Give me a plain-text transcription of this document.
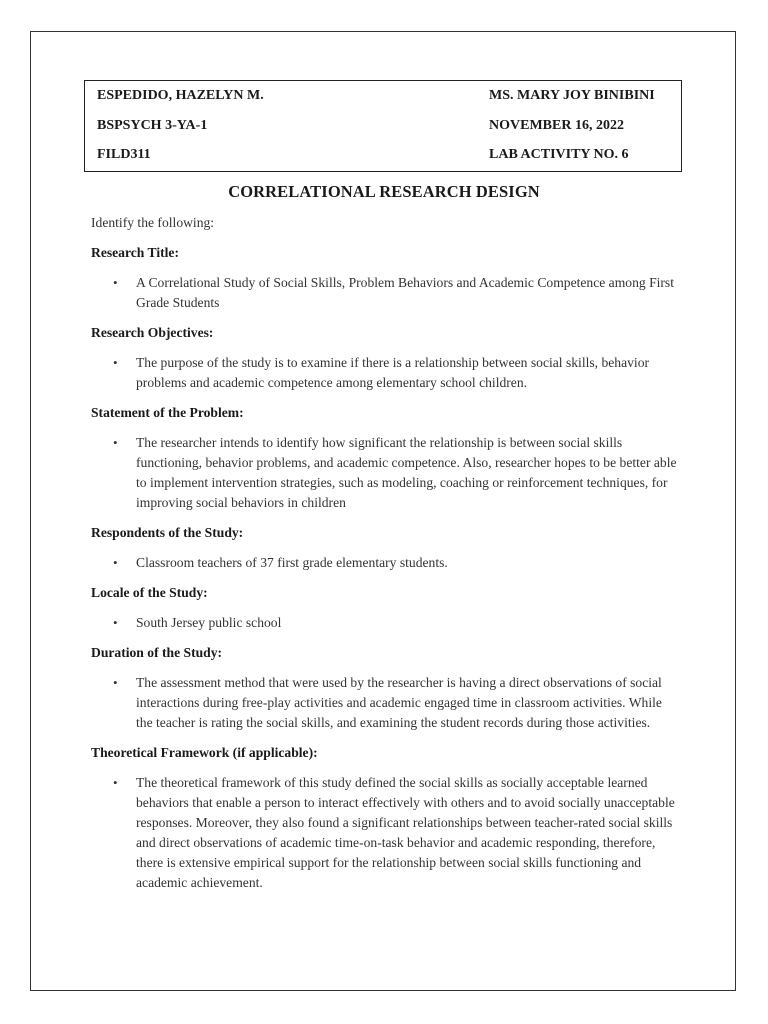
ESPEDIDO, HAZELYN M.	MS. MARY JOY BINIBINI
BSPSYCH 3-YA-1	NOVEMBER 16, 2022
FILD311	LAB ACTIVITY NO. 6
CORRELATIONAL RESEARCH DESIGN

Identify the following:

Research Title:

• A Correlational Study of Social Skills, Problem Behaviors and Academic Competence among First Grade Students

Research Objectives:

• The purpose of the study is to examine if there is a relationship between social skills, behavior problems and academic competence among elementary school children.

Statement of the Problem:

• The researcher intends to identify how significant the relationship is between social skills functioning, behavior problems, and academic competence. Also, researcher hopes to be better able to implement intervention strategies, such as modeling, coaching or reinforcement techniques, for improving social behaviors in children

Respondents of the Study:

• Classroom teachers of 37 first grade elementary students.

Locale of the Study:

• South Jersey public school

Duration of the Study:

• The assessment method that were used by the researcher is having a direct observations of social interactions during free-play activities and academic engaged time in classroom activities. While the teacher is rating the social skills, and examining the student records during those activities.

Theoretical Framework (if applicable):

• The theoretical framework of this study defined the social skills as socially acceptable learned behaviors that enable a person to interact effectively with others and to avoid socially unacceptable responses. Moreover, they also found a significant relationships between teacher-rated social skills and direct observations of academic time-on-task behavior and academic responding, therefore, there is extensive empirical support for the relationship between social skills functioning and academic achievement.
